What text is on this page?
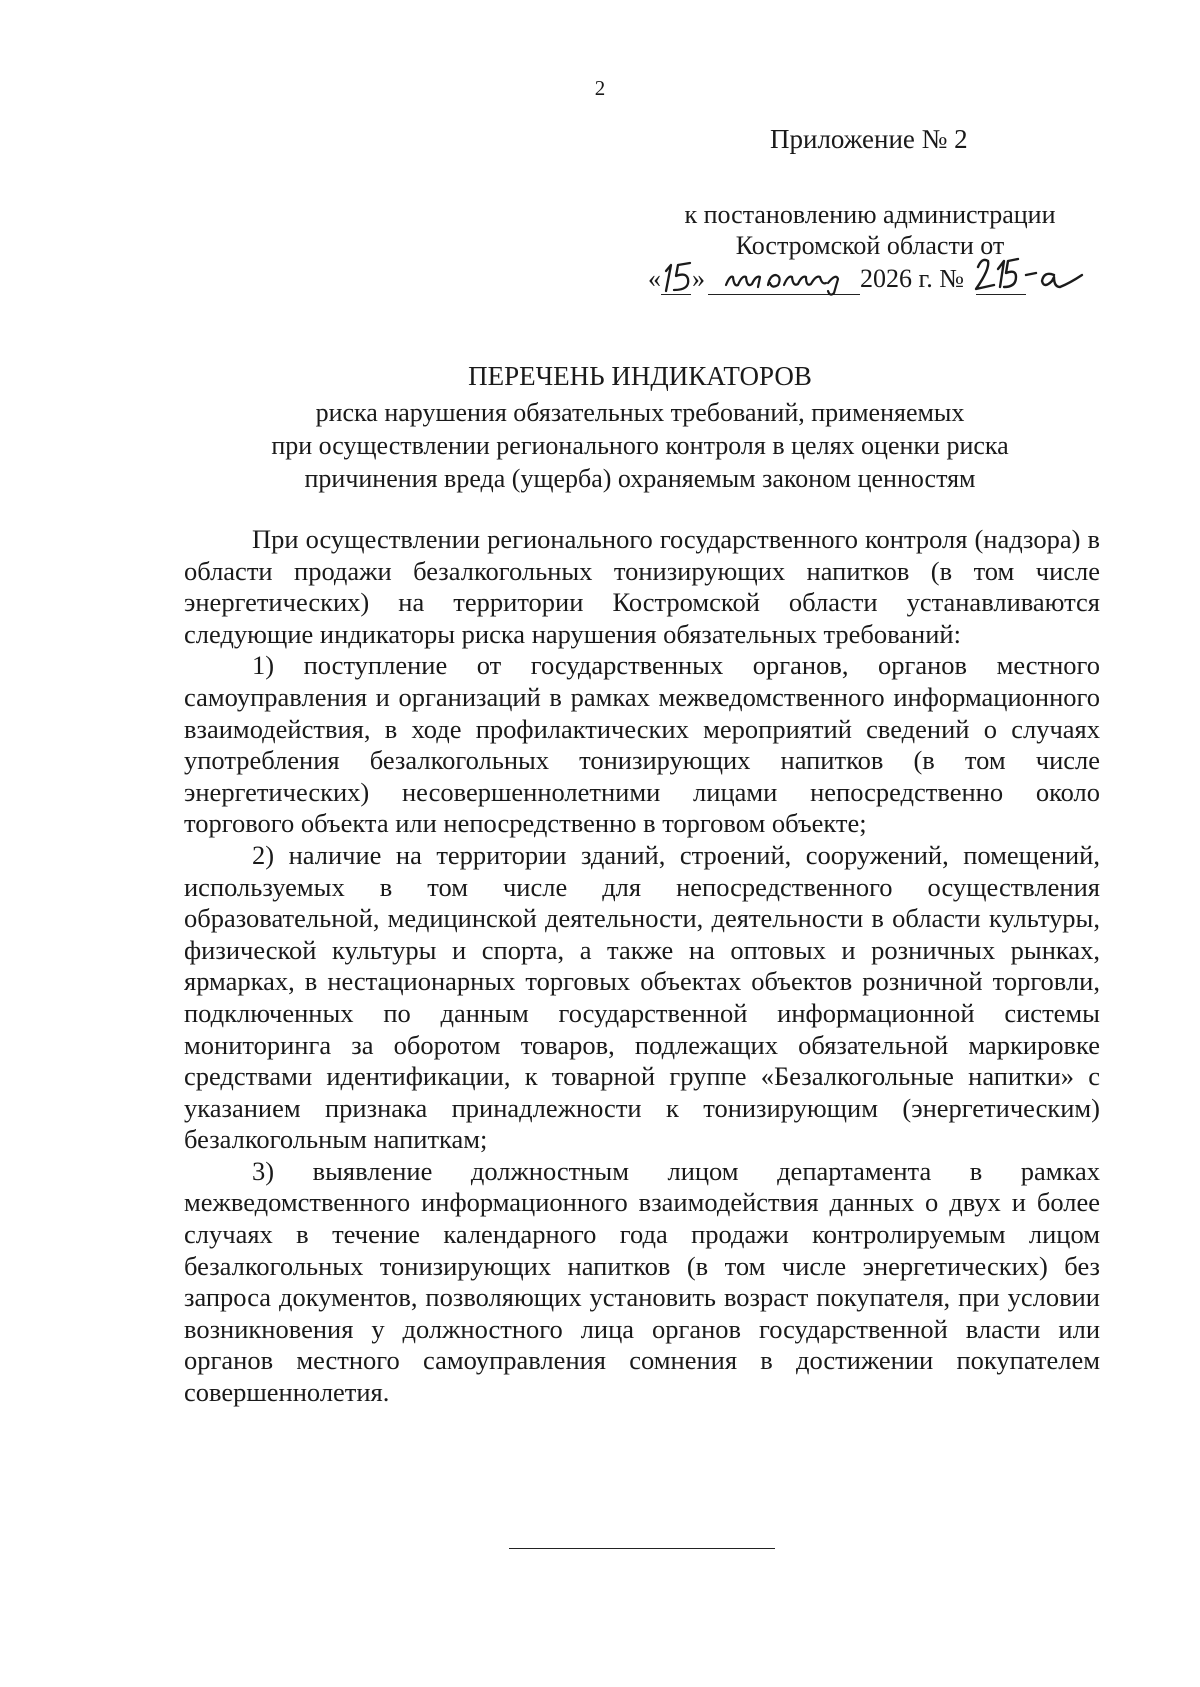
2
Приложение № 2
к постановлению администрации
Костромской области от
« »	2026 г. №
ПЕРЕЧЕНЬ ИНДИКАТОРОВ
риска нарушения обязательных требований, применяемых
при осуществлении регионального контроля в целях оценки риска
причинения вреда (ущерба) охраняемым законом ценностям

При осуществлении регионального государственного контроля (надзора) в области продажи безалкогольных тонизирующих напитков (в том числе энергетических) на территории Костромской области устанавливаются следующие индикаторы риска нарушения обязательных требований:

1) поступление от государственных органов, органов местного самоуправления и организаций в рамках межведомственного информационного взаимодействия, в ходе профилактических мероприятий сведений о случаях употребления безалкогольных тонизирующих напитков (в том числе энергетических) несовершеннолетними лицами непосредственно около торгового объекта или непосредственно в торговом объекте;

2) наличие на территории зданий, строений, сооружений, помещений, используемых в том числе для непосредственного осуществления образовательной, медицинской деятельности, деятельности в области культуры, физической культуры и спорта, а также на оптовых и розничных рынках, ярмарках, в нестационарных торговых объектах объектов розничной торговли, подключенных по данным государственной информационной системы мониторинга за оборотом товаров, подлежащих обязательной маркировке средствами идентификации, к товарной группе «Безалкогольные напитки» с указанием признака принадлежности к тонизирующим (энергетическим) безалкогольным напиткам;

3) выявление должностным лицом департамента в рамках межведомственного информационного взаимодействия данных о двух и более случаях в течение календарного года продажи контролируемым лицом безалкогольных тонизирующих напитков (в том числе энергетических) без запроса документов, позволяющих установить возраст покупателя, при условии возникновения у должностного лица органов государственной власти или органов местного самоуправления сомнения в достижении покупателем совершеннолетия.
